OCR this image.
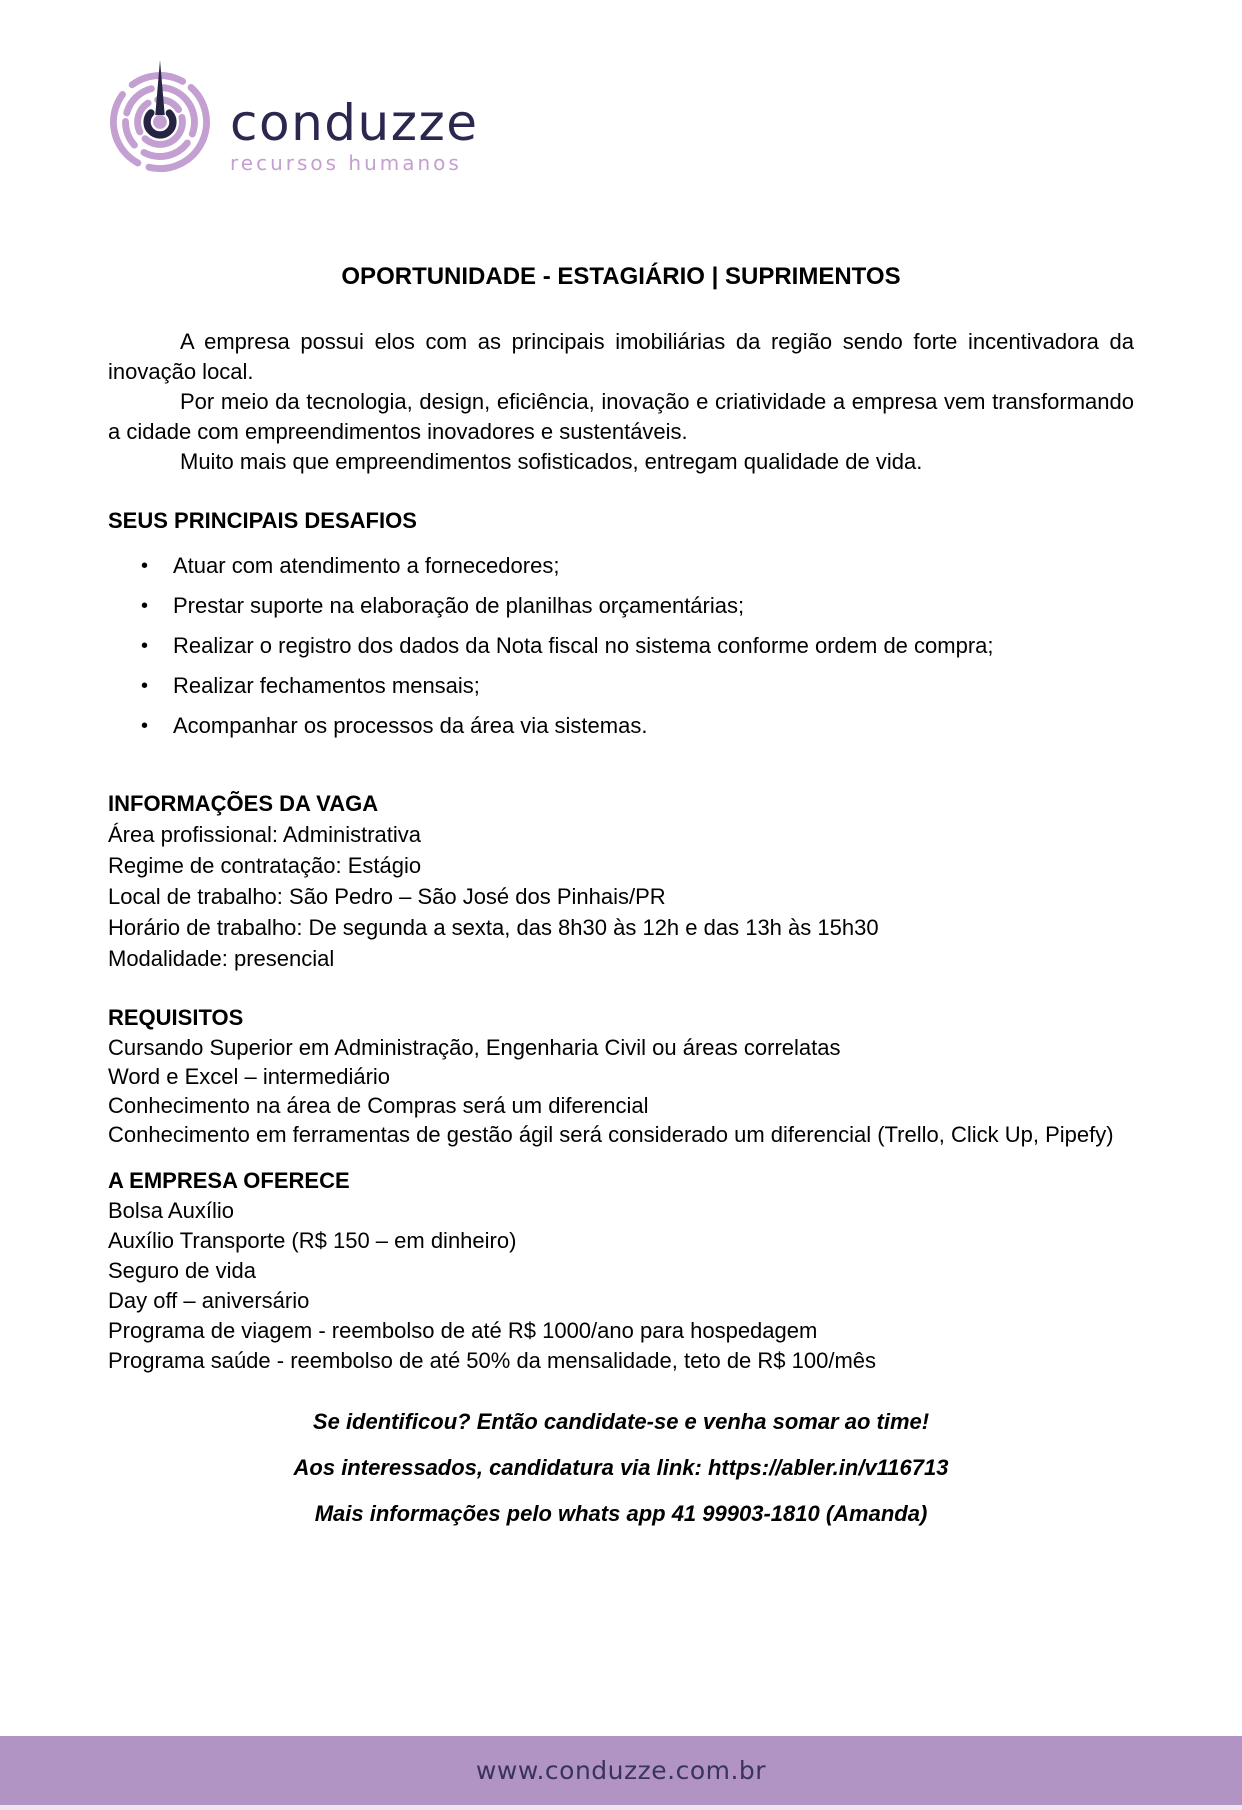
conduzze
recursos humanos
OPORTUNIDADE - ESTAGIÁRIO | SUPRIMENTOS

A empresa possui elos com as principais imobiliárias da região sendo forte incentivadora da inovação local.

Por meio da tecnologia, design, eficiência, inovação e criatividade a empresa vem transformando a cidade com empreendimentos inovadores e sustentáveis.

Muito mais que empreendimentos sofisticados, entregam qualidade de vida.

SEUS PRINCIPAIS DESAFIOS
•	Atuar com atendimento a fornecedores;
•	Prestar suporte na elaboração de planilhas orçamentárias;
•	Realizar o registro dos dados da Nota fiscal no sistema conforme ordem de compra;
•	Realizar fechamentos mensais;
•	Acompanhar os processos da área via sistemas.
INFORMAÇÕES DA VAGA
Área profissional: Administrativa
Regime de contratação: Estágio
Local de trabalho: São Pedro – São José dos Pinhais/PR
Horário de trabalho: De segunda a sexta, das 8h30 às 12h e das 13h às 15h30
Modalidade: presencial
REQUISITOS
Cursando Superior em Administração, Engenharia Civil ou áreas correlatas
Word e Excel – intermediário
Conhecimento na área de Compras será um diferencial
Conhecimento em ferramentas de gestão ágil será considerado um diferencial (Trello, Click Up, Pipefy)
A EMPRESA OFERECE
Bolsa Auxílio
Auxílio Transporte (R$ 150 – em dinheiro)
Seguro de vida
Day off – aniversário
Programa de viagem - reembolso de até R$ 1000/ano para hospedagem
Programa saúde - reembolso de até 50% da mensalidade, teto de R$ 100/mês
Se identificou? Então candidate-se e venha somar ao time!
Aos interessados, candidatura via link: https://abler.in/v116713
Mais informações pelo whats app 41 99903-1810 (Amanda)
www.conduzze.com.br
